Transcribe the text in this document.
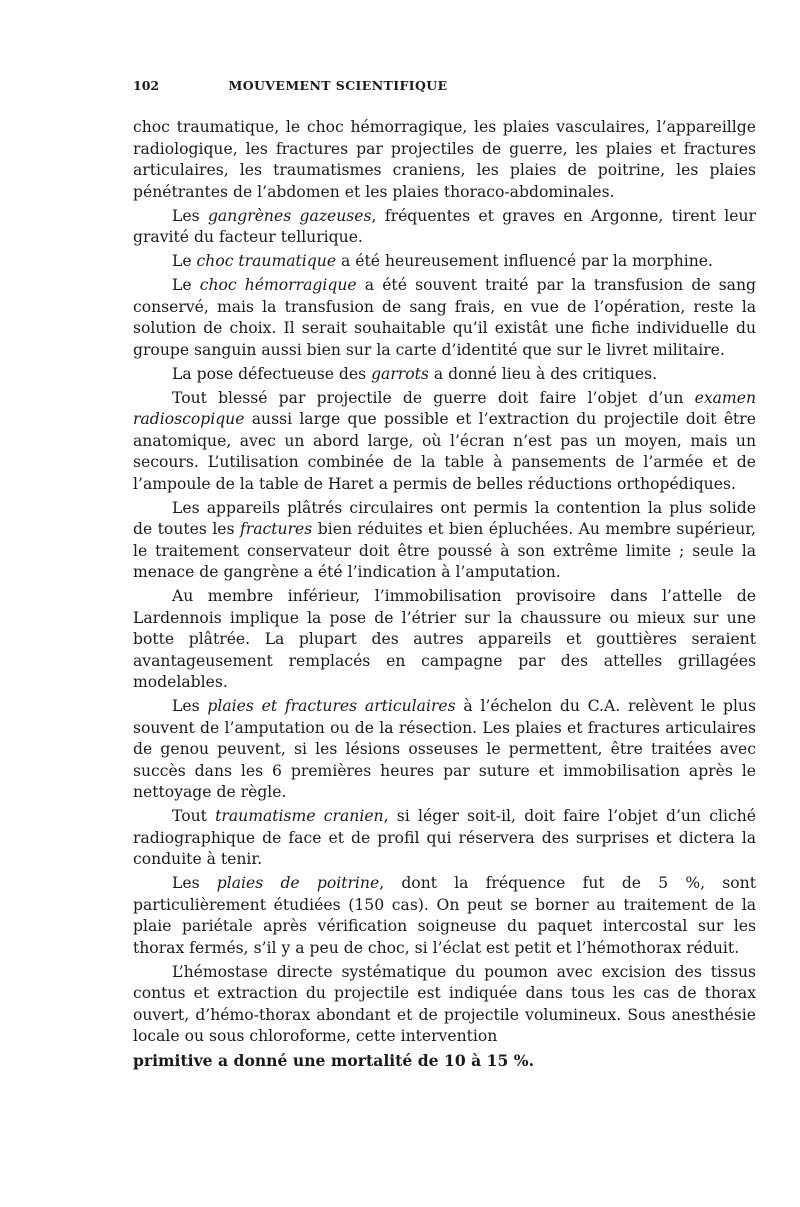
102	MOUVEMENT SCIENTIFIQUE

choc traumatique, le choc hémorragique, les plaies vasculaires, l’appareillge radiologique, les fractures par projectiles de guerre, les plaies et fractures articulaires, les traumatismes craniens, les plaies de poitrine, les plaies pénétrantes de l’abdomen et les plaies thoraco-abdominales.

Les gangrènes gazeuses, fréquentes et graves en Argonne, tirent leur gravité du facteur tellurique.

Le choc traumatique a été heureusement influencé par la morphine.

Le choc hémorragique a été souvent traité par la transfusion de sang conservé, mais la transfusion de sang frais, en vue de l’opération, reste la solution de choix. Il serait souhaitable qu’il existât une fiche individuelle du groupe sanguin aussi bien sur la carte d’identité que sur le livret militaire.

La pose défectueuse des garrots a donné lieu à des critiques.

Tout blessé par projectile de guerre doit faire l’objet d’un examen radioscopique aussi large que possible et l’extraction du projectile doit être anatomique, avec un abord large, où l’écran n’est pas un moyen, mais un secours. L’utilisation combinée de la table à pansements de l’armée et de l’ampoule de la table de Haret a permis de belles réductions orthopédiques.

Les appareils plâtrés circulaires ont permis la contention la plus solide de toutes les fractures bien réduites et bien épluchées. Au membre supérieur, le traitement conservateur doit être poussé à son extrême limite ; seule la menace de gangrène a été l’indication à l’amputation.

Au membre inférieur, l’immobilisation provisoire dans l’attelle de Lardennois implique la pose de l’étrier sur la chaussure ou mieux sur une botte plâtrée. La plupart des autres appareils et gouttières seraient avantageusement remplacés en campagne par des attelles grillagées modelables.

Les plaies et fractures articulaires à l’échelon du C.A. relèvent le plus souvent de l’amputation ou de la résection. Les plaies et fractures articulaires de genou peuvent, si les lésions osseuses le permettent, être traitées avec succès dans les 6 premières heures par suture et immobilisation après le nettoyage de règle.

Tout traumatisme cranien, si léger soit-il, doit faire l’objet d’un cliché radiographique de face et de profil qui réservera des surprises et dictera la conduite à tenir.

Les plaies de poitrine, dont la fréquence fut de 5 %, sont particulièrement étudiées (150 cas). On peut se borner au traitement de la plaie pariétale après vérification soigneuse du paquet intercostal sur les thorax fermés, s’il y a peu de choc, si l’éclat est petit et l’hémothorax réduit.

L’hémostase directe systématique du poumon avec excision des tissus contus et extraction du projectile est indiquée dans tous les cas de thorax ouvert, d’hémo-thorax abondant et de projectile volumineux. Sous anesthésie locale ou sous chloroforme, cette intervention

primitive a donné une mortalité de 10 à 15 %.
